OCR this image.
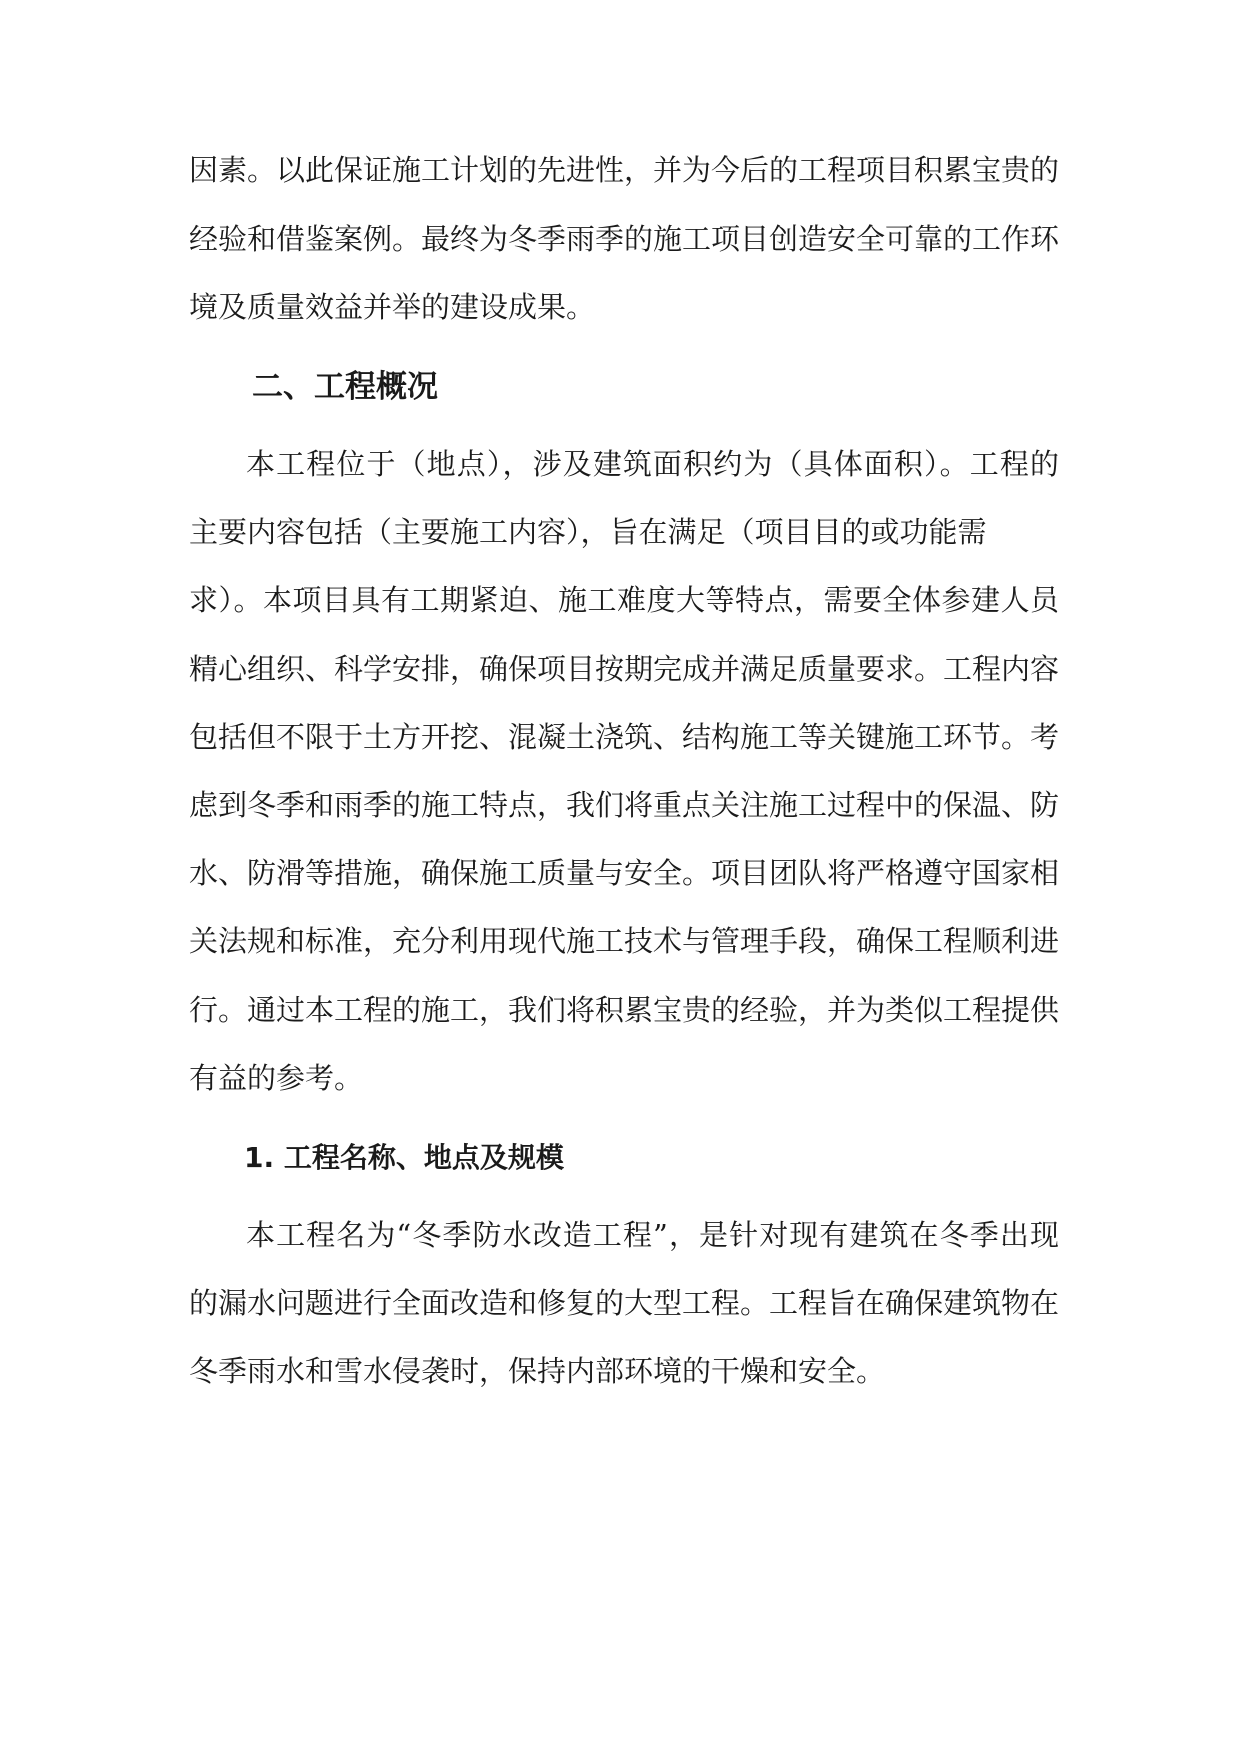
因素。以此保证施工计划的先进性，并为今后的工程项目积累宝贵的
经验和借鉴案例。最终为冬季雨季的施工项目创造安全可靠的工作环
境及质量效益并举的建设成果。
二、工程概况
本工程位于（地点），涉及建筑面积约为（具体面积）。工程的
主要内容包括（主要施工内容），旨在满足（项目目的或功能需
求）。本项目具有工期紧迫、施工难度大等特点，需要全体参建人员
精心组织、科学安排，确保项目按期完成并满足质量要求。工程内容
包括但不限于土方开挖、混凝土浇筑、结构施工等关键施工环节。考
虑到冬季和雨季的施工特点，我们将重点关注施工过程中的保温、防
水、防滑等措施，确保施工质量与安全。项目团队将严格遵守国家相
关法规和标准，充分利用现代施工技术与管理手段，确保工程顺利进
行。通过本工程的施工，我们将积累宝贵的经验，并为类似工程提供
有益的参考。
1. 工程名称、地点及规模
本工程名为“冬季防水改造工程”，是针对现有建筑在冬季出现
的漏水问题进行全面改造和修复的大型工程。工程旨在确保建筑物在
冬季雨水和雪水侵袭时，保持内部环境的干燥和安全。
